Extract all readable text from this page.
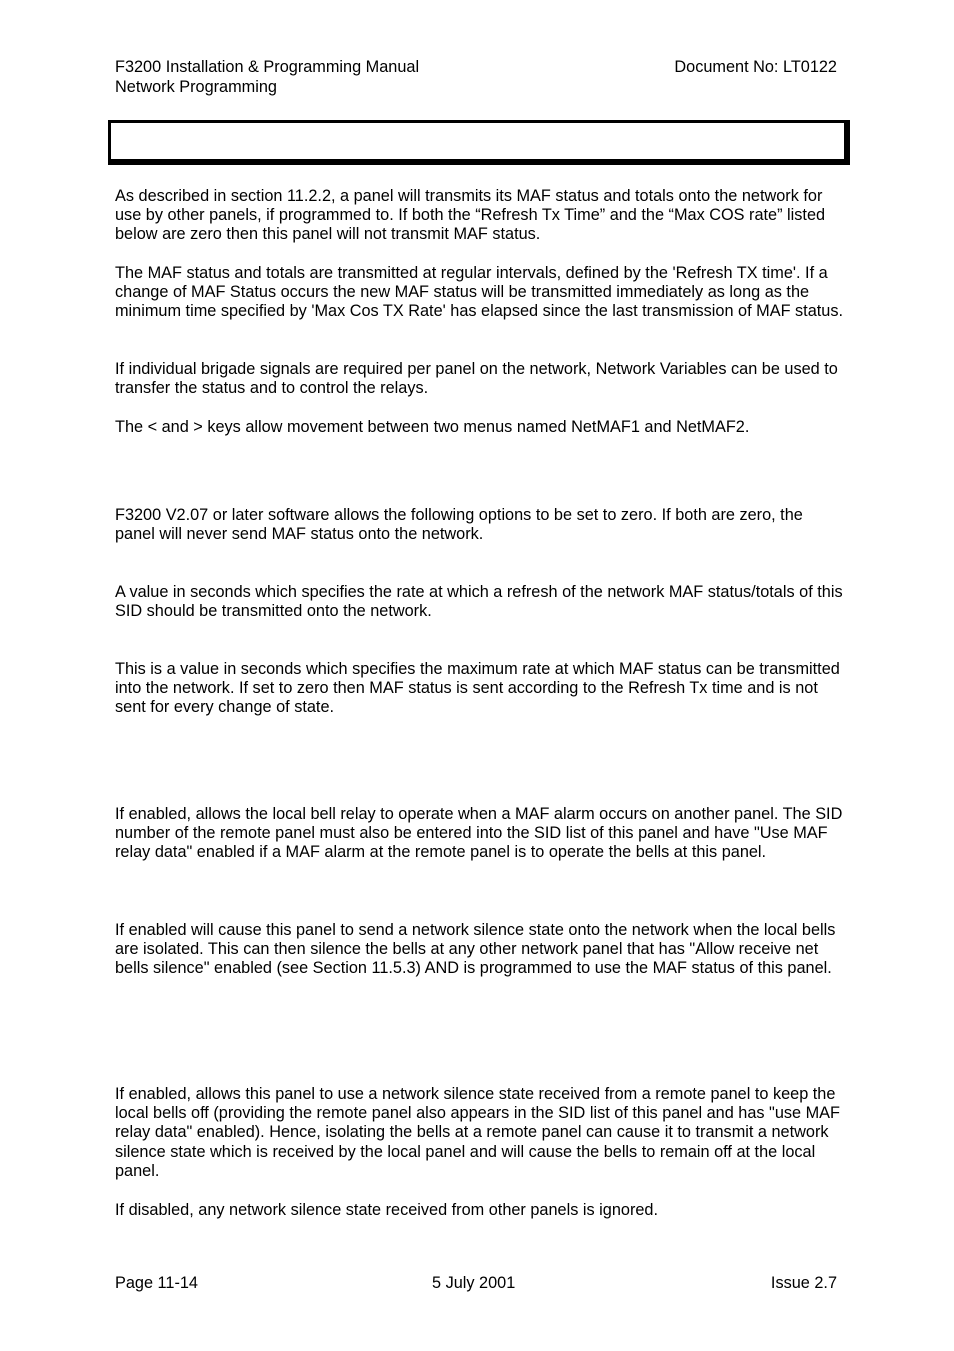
F3200 Installation & Programming Manual
Network Programming
Document No: LT0122

As described in section 11.2.2, a panel will transmits its MAF status and totals onto the network for use by other panels, if programmed to. If both the “Refresh Tx Time” and the “Max COS rate” listed below are zero then this panel will not transmit MAF status.

The MAF status and totals are transmitted at regular intervals, defined by the 'Refresh TX time'. If a change of MAF Status occurs the new MAF status will be transmitted immediately as long as the minimum time specified by 'Max Cos TX Rate' has elapsed since the last transmission of MAF status.

If individual brigade signals are required per panel on the network, Network Variables can be used to transfer the status and to control the relays.

The < and > keys allow movement between two menus named NetMAF1 and NetMAF2.

F3200 V2.07 or later software allows the following options to be set to zero. If both are zero, the panel will never send MAF status onto the network.

A value in seconds which specifies the rate at which a refresh of the network MAF status/totals of this SID should be transmitted onto the network.

This is a value in seconds which specifies the maximum rate at which MAF status can be transmitted into the network. If set to zero then MAF status is sent according to the Refresh Tx time and is not sent for every change of state.

If enabled, allows the local bell relay to operate when a MAF alarm occurs on another panel. The SID number of the remote panel must also be entered into the SID list of this panel and have "Use MAF relay data" enabled if a MAF alarm at the remote panel is to operate the bells at this panel.

If enabled will cause this panel to send a network silence state onto the network when the local bells are isolated. This can then silence the bells at any other network panel that has "Allow receive net bells silence" enabled (see Section 11.5.3) AND is programmed to use the MAF status of this panel.

If enabled, allows this panel to use a network silence state received from a remote panel to keep the local bells off (providing the remote panel also appears in the SID list of this panel and has "use MAF relay data" enabled). Hence, isolating the bells at a remote panel can cause it to transmit a network silence state which is received by the local panel and will cause the bells to remain off at the local panel.

If disabled, any network silence state received from other panels is ignored.

Page 11-14	5 July 2001	Issue 2.7
